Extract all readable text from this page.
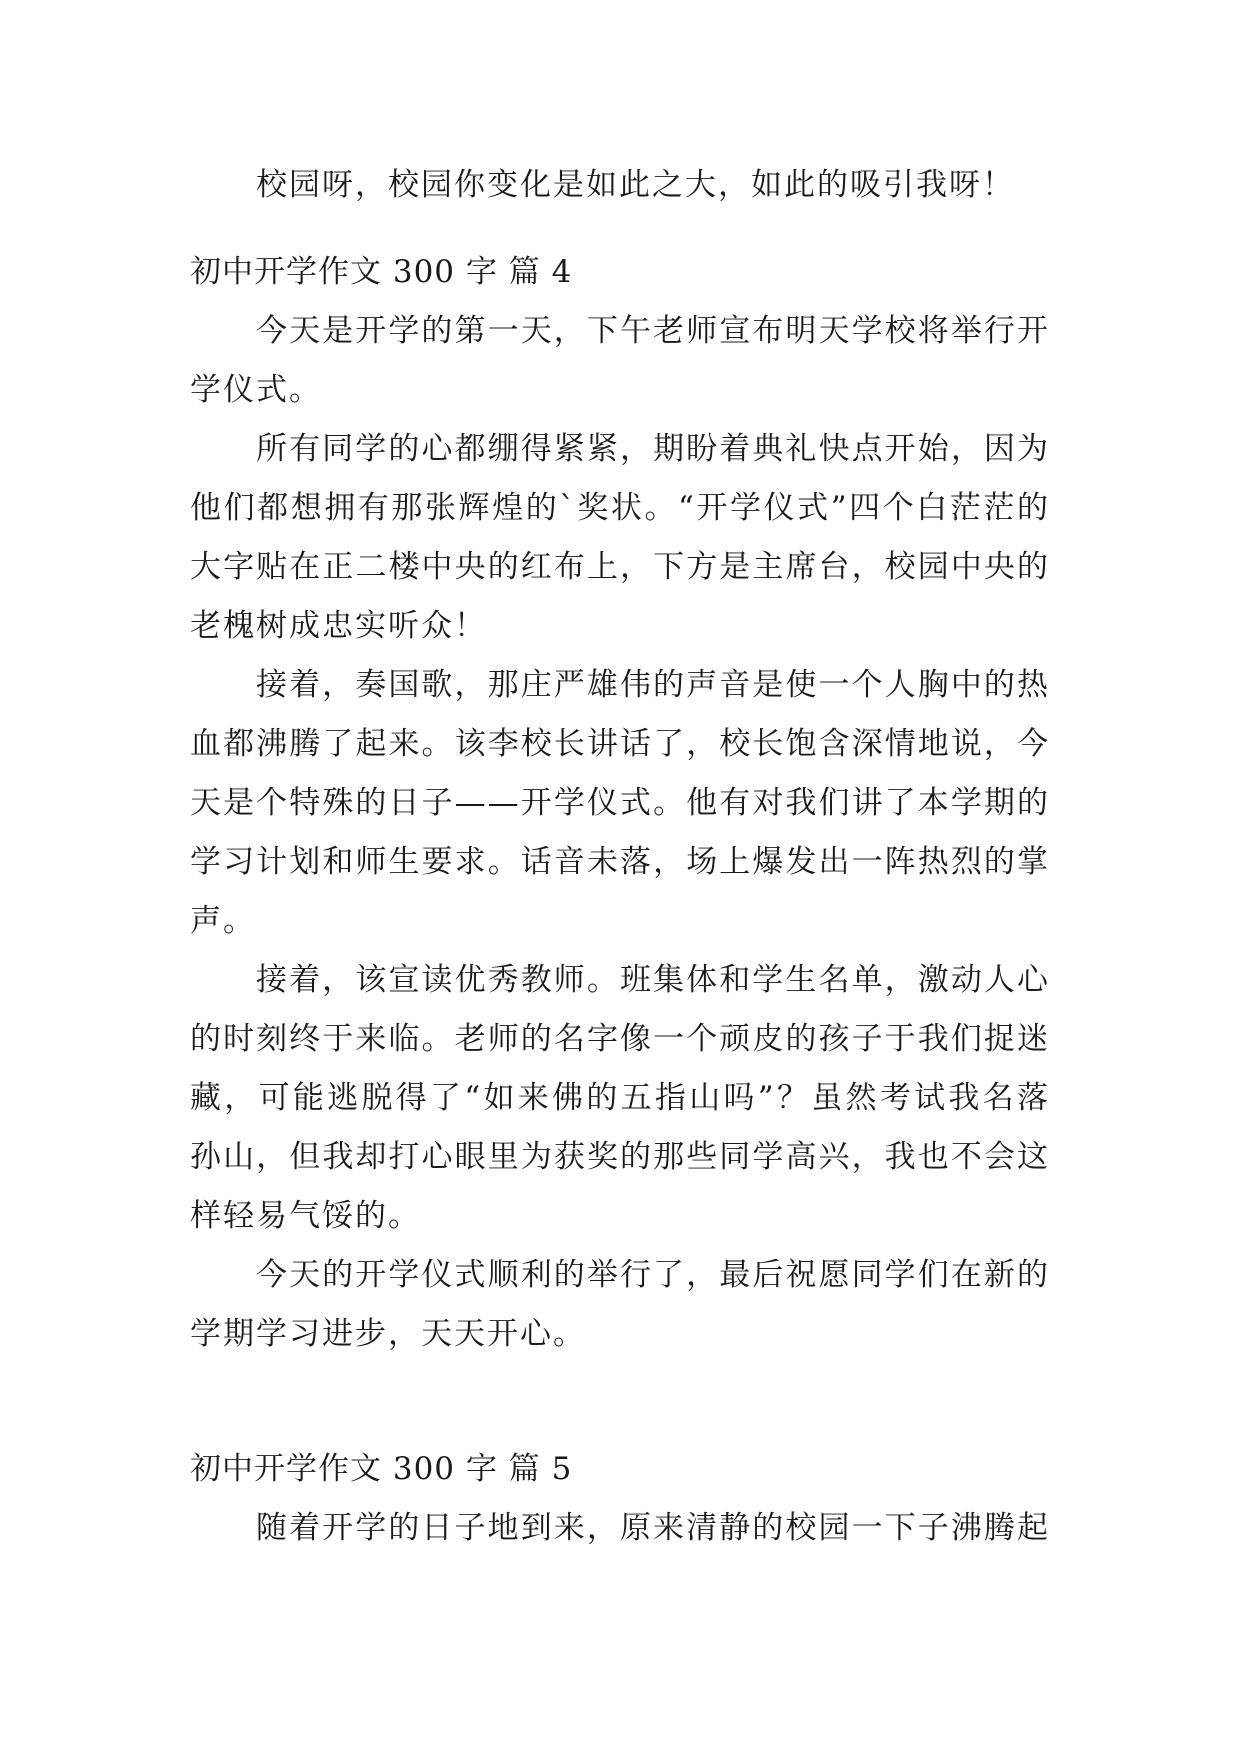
校园呀，校园你变化是如此之大，如此的吸引我呀！
初中开学作文 300 字 篇 4
今天是开学的第一天，下午老师宣布明天学校将举行开
学仪式。
所有同学的心都绷得紧紧，期盼着典礼快点开始，因为
他们都想拥有那张辉煌的`奖状。“开学仪式”四个白茫茫的
大字贴在正二楼中央的红布上，下方是主席台，校园中央的
老槐树成忠实听众！
接着，奏国歌，那庄严雄伟的声音是使一个人胸中的热
血都沸腾了起来。该李校长讲话了，校长饱含深情地说，今
天是个特殊的日子——开学仪式。他有对我们讲了本学期的
学习计划和师生要求。话音未落，场上爆发出一阵热烈的掌
声。
接着，该宣读优秀教师。班集体和学生名单，激动人心
的时刻终于来临。老师的名字像一个顽皮的孩子于我们捉迷
藏，可能逃脱得了“如来佛的五指山吗”？虽然考试我名落
孙山，但我却打心眼里为获奖的那些同学高兴，我也不会这
样轻易气馁的。
今天的开学仪式顺利的举行了，最后祝愿同学们在新的
学期学习进步，天天开心。
初中开学作文 300 字 篇 5
随着开学的日子地到来，原来清静的校园一下子沸腾起
